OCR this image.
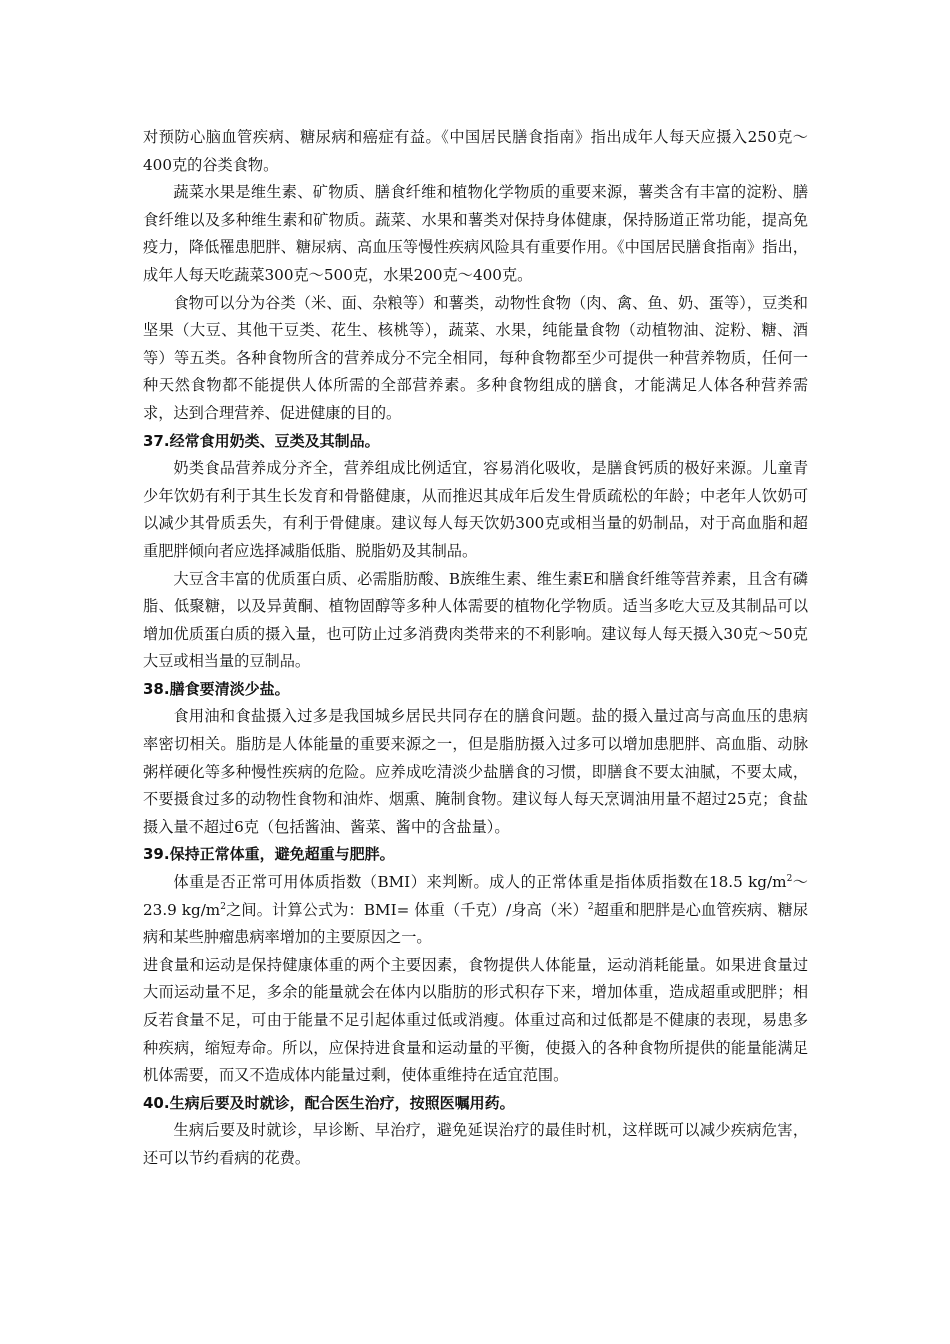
对预防心脑血管疾病、糖尿病和癌症有益。《中国居民膳食指南》指出成年人每天应摄入250克～400克的谷类食物。

蔬菜水果是维生素、矿物质、膳食纤维和植物化学物质的重要来源，薯类含有丰富的淀粉、膳食纤维以及多种维生素和矿物质。蔬菜、水果和薯类对保持身体健康，保持肠道正常功能，提高免疫力，降低罹患肥胖、糖尿病、高血压等慢性疾病风险具有重要作用。《中国居民膳食指南》指出，成年人每天吃蔬菜300克～500克，水果200克～400克。

食物可以分为谷类（米、面、杂粮等）和薯类，动物性食物（肉、禽、鱼、奶、蛋等），豆类和坚果（大豆、其他干豆类、花生、核桃等），蔬菜、水果，纯能量食物（动植物油、淀粉、糖、酒等）等五类。各种食物所含的营养成分不完全相同，每种食物都至少可提供一种营养物质，任何一种天然食物都不能提供人体所需的全部营养素。多种食物组成的膳食，才能满足人体各种营养需求，达到合理营养、促进健康的目的。

37.经常食用奶类、豆类及其制品。

奶类食品营养成分齐全，营养组成比例适宜，容易消化吸收，是膳食钙质的极好来源。儿童青少年饮奶有利于其生长发育和骨骼健康，从而推迟其成年后发生骨质疏松的年龄；中老年人饮奶可以减少其骨质丢失，有利于骨健康。建议每人每天饮奶300克或相当量的奶制品，对于高血脂和超重肥胖倾向者应选择减脂低脂、脱脂奶及其制品。

大豆含丰富的优质蛋白质、必需脂肪酸、B族维生素、维生素E和膳食纤维等营养素，且含有磷脂、低聚糖，以及异黄酮、植物固醇等多种人体需要的植物化学物质。适当多吃大豆及其制品可以增加优质蛋白质的摄入量，也可防止过多消费肉类带来的不利影响。建议每人每天摄入30克～50克大豆或相当量的豆制品。

38.膳食要清淡少盐。

食用油和食盐摄入过多是我国城乡居民共同存在的膳食问题。盐的摄入量过高与高血压的患病率密切相关。脂肪是人体能量的重要来源之一，但是脂肪摄入过多可以增加患肥胖、高血脂、动脉粥样硬化等多种慢性疾病的危险。应养成吃清淡少盐膳食的习惯，即膳食不要太油腻，不要太咸，不要摄食过多的动物性食物和油炸、烟熏、腌制食物。建议每人每天烹调油用量不超过25克；食盐摄入量不超过6克（包括酱油、酱菜、酱中的含盐量）。

39.保持正常体重，避免超重与肥胖。

体重是否正常可用体质指数（BMI）来判断。成人的正常体重是指体质指数在18.5 $kg/m^2\sim 23.9$ $kg/m^2$之间。计算公式为：BMI= 体重（千克）/身高（米）$^2$超重和肥胖是心血管疾病、糖尿病和某些肿瘤患病率增加的主要原因之一。

进食量和运动是保持健康体重的两个主要因素，食物提供人体能量，运动消耗能量。如果进食量过大而运动量不足，多余的能量就会在体内以脂肪的形式积存下来，增加体重，造成超重或肥胖；相反若食量不足，可由于能量不足引起体重过低或消瘦。体重过高和过低都是不健康的表现，易患多种疾病，缩短寿命。所以，应保持进食量和运动量的平衡，使摄入的各种食物所提供的能量能满足机体需要，而又不造成体内能量过剩，使体重维持在适宜范围。

40.生病后要及时就诊，配合医生治疗，按照医嘱用药。

生病后要及时就诊，早诊断、早治疗，避免延误治疗的最佳时机，这样既可以减少疾病危害，还可以节约看病的花费。
